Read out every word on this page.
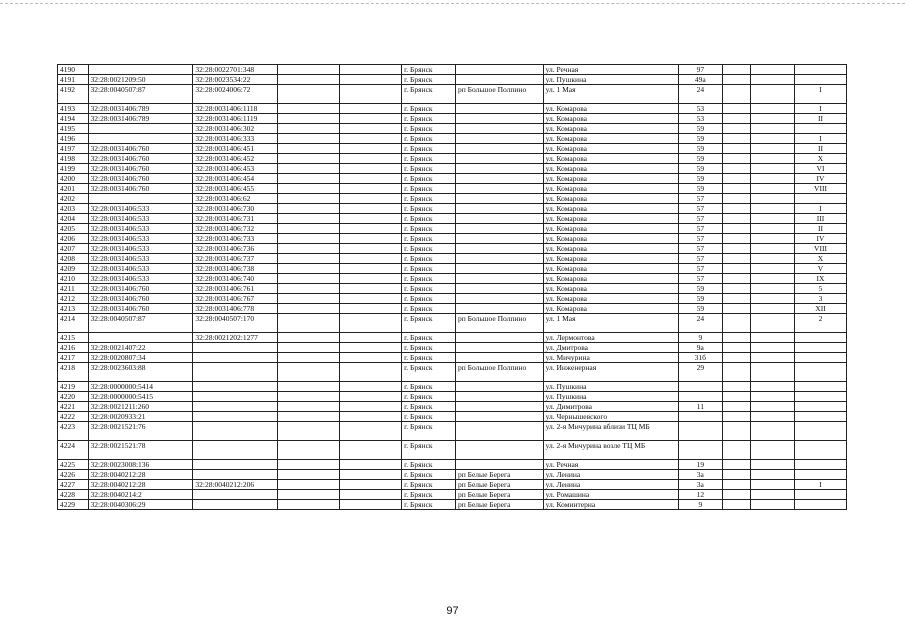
4190		32:28:0022701:348			г. Брянск		ул. Речная	97			
4191	32:28:0021209:50	32:28:0023534:22			г. Брянск		ул. Пушкина	49а			
4192	32:28:0040507:87	32:28:0024006:72			г. Брянск	рп Большое Полпино	ул. 1 Мая	24			I
4193	32:28:0031406:789	32:28:0031406:1118			г. Брянск		ул. Комарова	53			I
4194	32:28:0031406:789	32:28:0031406:1119			г. Брянск		ул. Комарова	53			II
4195		32:28:0031406:302			г. Брянск		ул. Комарова	59			
4196		32:28:0031406:333			г. Брянск		ул. Комарова	59			I
4197	32:28:0031406:760	32:28:0031406:451			г. Брянск		ул. Комарова	59			II
4198	32:28:0031406:760	32:28:0031406:452			г. Брянск		ул. Комарова	59			X
4199	32:28:0031406:760	32:28:0031406:453			г. Брянск		ул. Комарова	59			VI
4200	32:28:0031406:760	32:28:0031406:454			г. Брянск		ул. Комарова	59			IV
4201	32:28:0031406:760	32:28:0031406:455			г. Брянск		ул. Комарова	59			VIII
4202		32:28:0031406:62			г. Брянск		ул. Комарова	57			
4203	32:28:0031406:533	32:28:0031406:730			г. Брянск		ул. Комарова	57			I
4204	32:28:0031406:533	32:28:0031406:731			г. Брянск		ул. Комарова	57			III
4205	32:28:0031406:533	32:28:0031406:732			г. Брянск		ул. Комарова	57			II
4206	32:28:0031406:533	32:28:0031406:733			г. Брянск		ул. Комарова	57			IV
4207	32:28:0031406:533	32:28:0031406:736			г. Брянск		ул. Комарова	57			VIII
4208	32:28:0031406:533	32:28:0031406:737			г. Брянск		ул. Комарова	57			X
4209	32:28:0031406:533	32:28:0031406:738			г. Брянск		ул. Комарова	57			V
4210	32:28:0031406:533	32:28:0031406:740			г. Брянск		ул. Комарова	57			IX
4211	32:28:0031406:760	32:28:0031406:761			г. Брянск		ул. Комарова	59			5
4212	32:28:0031406:760	32:28:0031406:767			г. Брянск		ул. Комарова	59			3
4213	32:28:0031406:760	32:28:0031406:778			г. Брянск		ул. Комарова	59			XII
4214	32:28:0040507:87	32:28:0040507:170			г. Брянск	рп Большое Полпино	ул. 1 Мая	24			2
4215		32:28:0021202:1277			г. Брянск		ул. Лермонтова	9			
4216	32:28:0021407:22				г. Брянск		ул. Дмитрова	9а			
4217	32:28:0020807:34				г. Брянск		ул. Мичурина	31б			
4218	32:28:0023603:88				г. Брянск	рп Большое Полпино	ул. Инженерная	29			
4219	32:28:0000000:5414				г. Брянск		ул. Пушкина				
4220	32:28:0000000:5415				г. Брянск		ул. Пушкина				
4221	32:28:0021211:260				г. Брянск		ул. Димитрова	11			
4222	32:28:0020933:21				г. Брянск		ул. Чернышевского				
4223	32:28:0021521:76				г. Брянск		ул. 2-я Мичурина вблизи ТЦ МБ				
4224	32:28:0021521:78				г. Брянск		ул. 2-я Мичурина возле ТЦ МБ				
4225	32:28:0023008:136				г. Брянск		ул. Речная	19			
4226	32:28:0040212:28				г. Брянск	рп Белые Берега	ул. Ленина	3а			
4227	32:28:0040212:28	32:28:0040212:206			г. Брянск	рп Белые Берега	ул. Ленина	3а			I
4228	32:28:0040214:2				г. Брянск	рп Белые Берега	ул. Ромашина	12			
4229	32:28:0040306:29				г. Брянск	рп Белые Берега	ул. Коминтерна	9			
97
